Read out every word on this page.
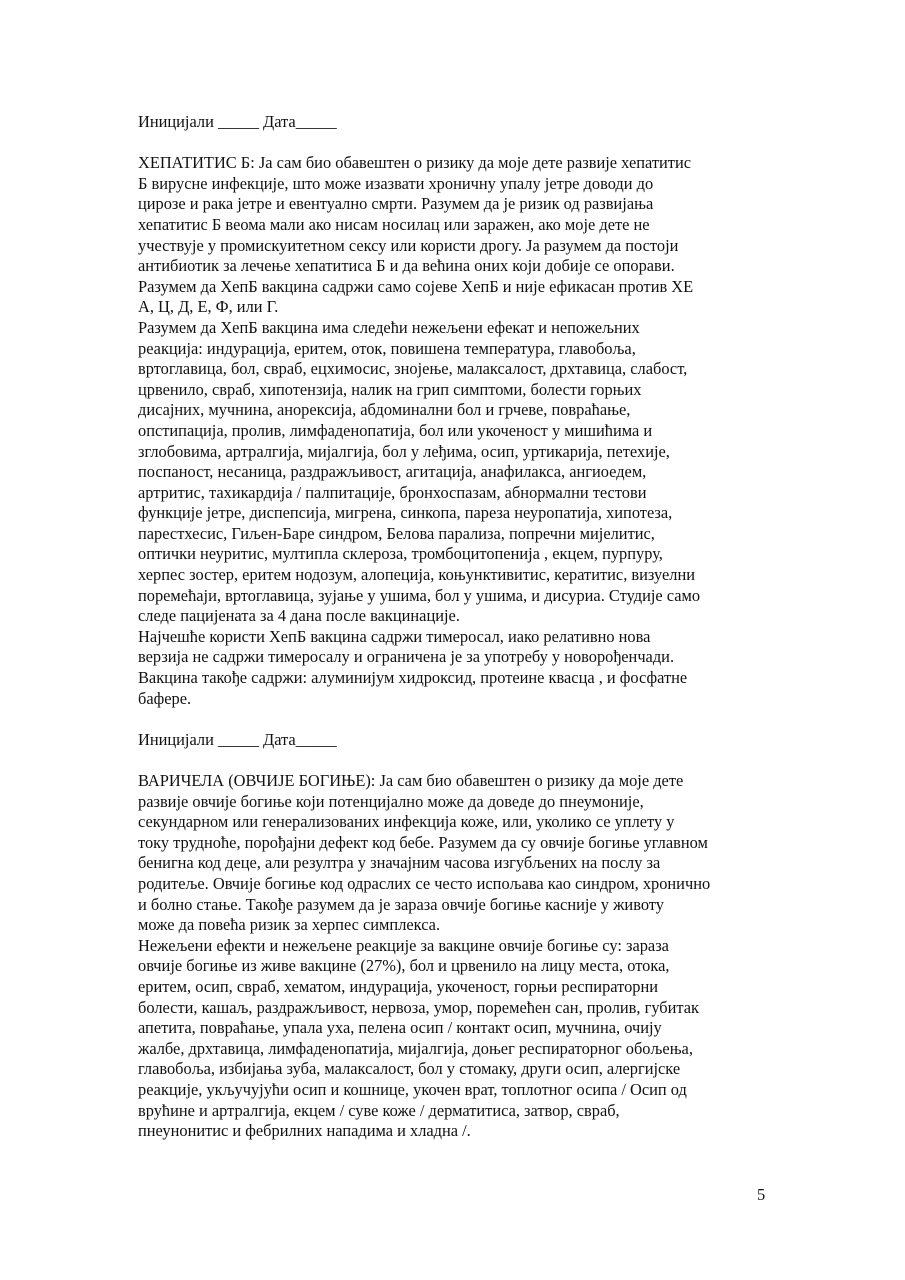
Иницијали _____ Дата_____
ХЕПАТИТИС Б: Ја сам био обавештен о ризику да моје дете развије хепатитис
Б вирусне инфекције, што може изазвати хроничну упалу јетре доводи до
цирозе и рака јетре и евентуално смрти. Разумем да је ризик од развијања
хепатитис Б веома мали ако нисам носилац или заражен, ако моје дете не
учествује у промискуитетном сексу или користи дрогу. Ја разумем да постоји
антибиотик за лечење хепатитиса Б и да већина оних који добије се опорави.
Разумем да ХепБ вакцина садржи само сојеве ХепБ и није ефикасан против ХЕ
А, Ц, Д, Е, Ф, или Г.
Разумем да ХепБ вакцина има следећи нежељени ефекат и непожељних
реакција: индурација, еритем, оток, повишена температура, главобоља,
вртоглавица, бол, свраб, ецхимосис, знојење, малаксалост, дрхтавица, слабост,
црвенило, свраб, хипотензија, налик на грип симптоми, болести горњих
дисајних, мучнина, анорексија, абдоминални бол и грчеве, повраћање,
опстипација, пролив, лимфаденопатија, бол или укоченост у мишићима и
зглобовима, артралгија, мијалгија, бол у леђима, осип, уртикарија, петехије,
поспаност, несаница, раздражљивост, агитација, анафилакса, ангиоедем,
артритис, тахикардија / палпитације, бронхоспазам, абнормални тестови
функције јетре, диспепсија, мигрена, синкопа, пареза неуропатија, хипотеза,
парестхесис, Гиљен-Баре синдром, Белова парализа, попречни мијелитис,
оптички неуритис, мултипла склероза, тромбоцитопенија , екцем, пурпуру,
херпес зостер, еритем нодозум, алопеција, коњунктивитис, кератитис, визуелни
поремећаји, вртоглавица, зујање у ушима, бол у ушима, и дисуриа. Студије само
следе пацијената за 4 дана после вакцинације.
Најчешће користи ХепБ вакцина садржи тимеросал, иако релативно нова
верзија не садржи тимеросалу и ограничена је за употребу у новорођенчади.
Вакцина такође садржи: алуминијум хидроксид, протеине квасца , и фосфатне
бафере.
Иницијали _____ Дата_____
ВАРИЧЕЛА (ОВЧИЈЕ БОГИЊЕ): Ја сам био обавештен о ризику да моје дете
развије овчије богиње који потенцијално може да доведе до пнеумоније,
секундарном или генерализованих инфекција коже, или, уколико се уплету у
току трудноће, порођајни дефект код бебе. Разумем да су овчије богиње углавном
бенигна код деце, али резултра у значајним часова изгубљених на послу за
родитеље. Овчије богиње код одраслих се често испољава као синдром, хронично
и болно стање. Такође разумем да је зараза овчије богиње касније у животу
може да повећа ризик за херпес симплекса.
Нежељени ефекти и нежељене реакције за вакцине овчије богиње су: зараза
овчије богиње из живе вакцине (27%), бол и црвенило на лицу места, отока,
еритем, осип, свраб, хематом, индурација, укоченост, горњи респираторни
болести, кашаљ, раздражљивост, нервоза, умор, поремећен сан, пролив, губитак
апетита, повраћање, упала уха, пелена осип / контакт осип, мучнина, очију
жалбе, дрхтавица, лимфаденопатија, мијалгија, доњег респираторног обољења,
главобоља, избијања зуба, малаксалост, бол у стомаку, други осип, алергијске
реакције, укључујући осип и кошнице, укочен врат, топлотног осипа / Осип од
врућине и артралгија, екцем / суве коже / дерматитиса, затвор, свраб,
пнеунонитис и фебрилних нападима и хладна /.
5
